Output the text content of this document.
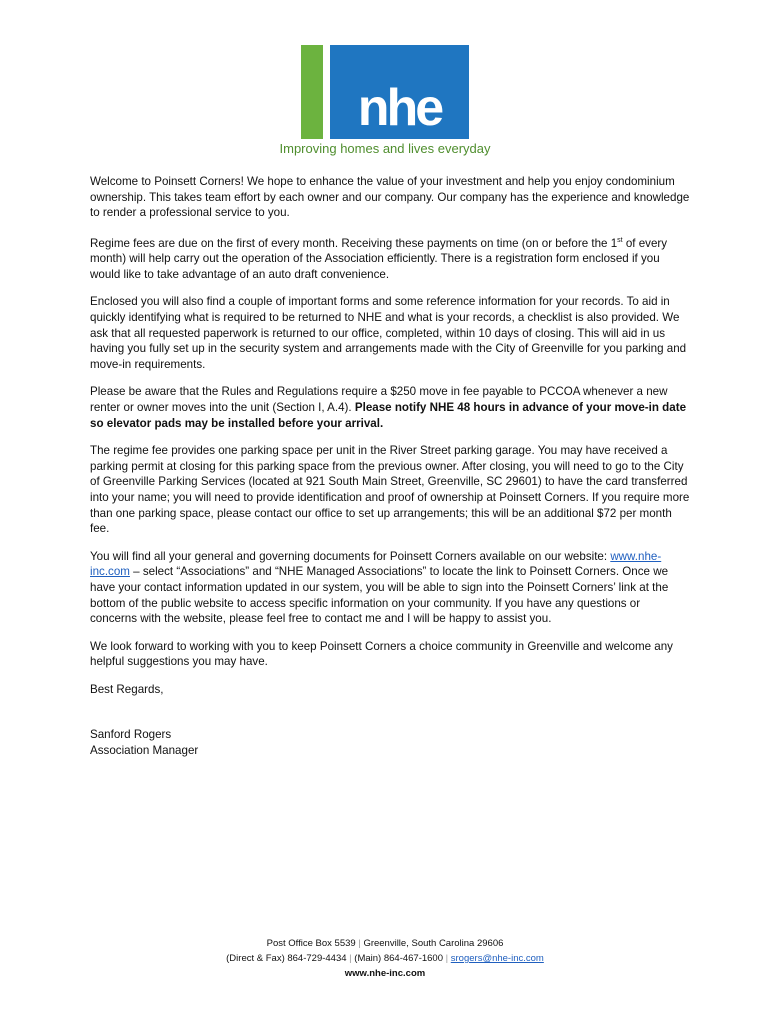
nhe
Improving homes and lives everyday

Welcome to Poinsett Corners! We hope to enhance the value of your investment and help you enjoy condominium ownership. This takes team effort by each owner and our company. Our company has the experience and knowledge to render a professional service to you.

Regime fees are due on the first of every month. Receiving these payments on time (on or before the 1st of every month) will help carry out the operation of the Association efficiently. There is a registration form enclosed if you would like to take advantage of an auto draft convenience.

Enclosed you will also find a couple of important forms and some reference information for your records. To aid in quickly identifying what is required to be returned to NHE and what is your records, a checklist is also provided. We ask that all requested paperwork is returned to our office, completed, within 10 days of closing. This will aid in us having you fully set up in the security system and arrangements made with the City of Greenville for you parking and move-in requirements.

Please be aware that the Rules and Regulations require a $250 move in fee payable to PCCOA whenever a new renter or owner moves into the unit (Section I, A.4). Please notify NHE 48 hours in advance of your move-in date so elevator pads may be installed before your arrival.

The regime fee provides one parking space per unit in the River Street parking garage. You may have received a parking permit at closing for this parking space from the previous owner. After closing, you will need to go to the City of Greenville Parking Services (located at 921 South Main Street, Greenville, SC 29601) to have the card transferred into your name; you will need to provide identification and proof of ownership at Poinsett Corners. If you require more than one parking space, please contact our office to set up arrangements; this will be an additional $72 per month fee.

You will find all your general and governing documents for Poinsett Corners available on our website: www.nhe-inc.com – select “Associations” and “NHE Managed Associations” to locate the link to Poinsett Corners. Once we have your contact information updated in our system, you will be able to sign into the Poinsett Corners’ link at the bottom of the public website to access specific information on your community. If you have any questions or concerns with the website, please feel free to contact me and I will be happy to assist you.

We look forward to working with you to keep Poinsett Corners a choice community in Greenville and welcome any helpful suggestions you may have.

Best Regards,

Sanford Rogers

Association Manager

Post Office Box 5539 | Greenville, South Carolina 29606
(Direct & Fax) 864-729-4434 | (Main) 864-467-1600 | srogers@nhe-inc.com
www.nhe-inc.com
